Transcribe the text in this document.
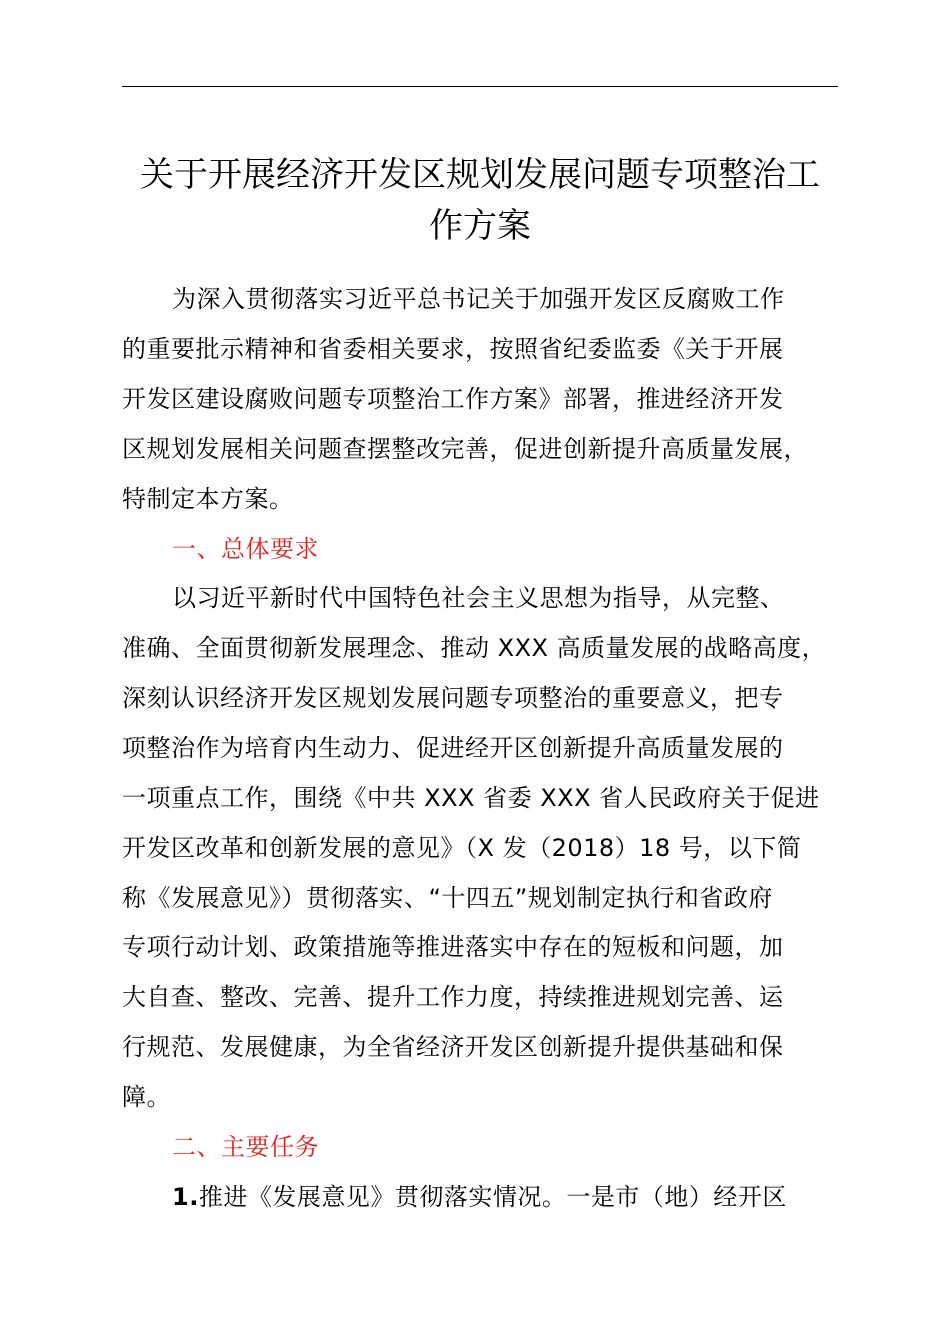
关于开展经济开发区规划发展问题专项整治工
作方案
为深入贯彻落实习近平总书记关于加强开发区反腐败工作
的重要批示精神和省委相关要求，按照省纪委监委《关于开展
开发区建设腐败问题专项整治工作方案》部署，推进经济开发
区规划发展相关问题查摆整改完善，促进创新提升高质量发展，
特制定本方案。
一、总体要求
以习近平新时代中国特色社会主义思想为指导，从完整、
准确、全面贯彻新发展理念、推动 XXX 高质量发展的战略高度，
深刻认识经济开发区规划发展问题专项整治的重要意义，把专
项整治作为培育内生动力、促进经开区创新提升高质量发展的
一项重点工作，围绕《中共 XXX 省委 XXX 省人民政府关于促进
开发区改革和创新发展的意见》（X 发（2018）18 号，以下简
称《发展意见》）贯彻落实、“十四五”规划制定执行和省政府
专项行动计划、政策措施等推进落实中存在的短板和问题，加
大自查、整改、完善、提升工作力度，持续推进规划完善、运
行规范、发展健康，为全省经济开发区创新提升提供基础和保
障。
二、主要任务
1.推进《发展意见》贯彻落实情况。一是市（地）经开区
